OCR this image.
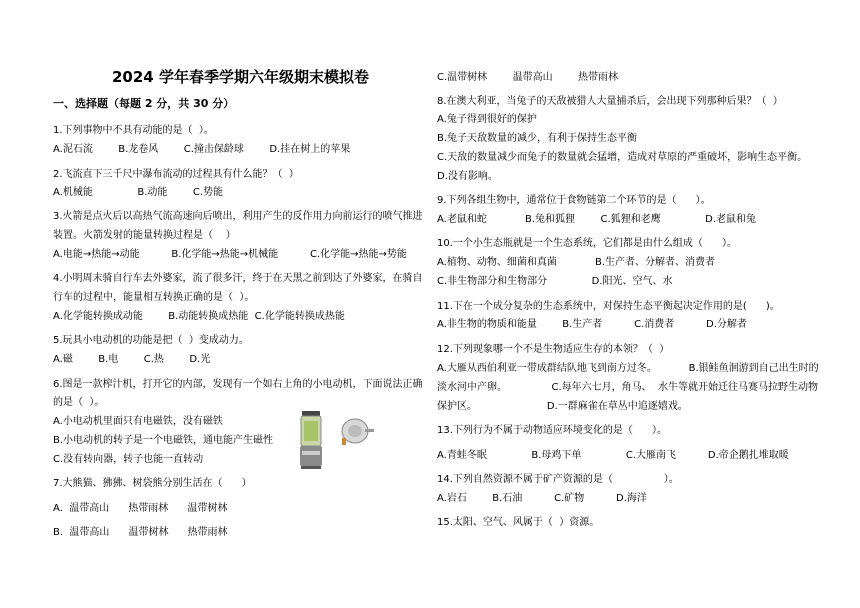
2024 学年春季学期六年级期末模拟卷
一、选择题（每题 2 分，共 30 分）
1.下列事物中不具有动能的是（  ）。
A.泥石流        B.龙卷风        C.撞击保龄球        D.挂在树上的苹果
2.飞流直下三千尺中瀑布流动的过程具有什么能？（  ）
A.机械能              B.动能        C.势能
3.火箭是点火后以高热气流高速向后喷出，利用产生的反作用力向前运行的喷气推进
装置。火箭发射的能量转换过程是（    ）
A.电能→热能→动能          B.化学能→热能→机械能          C.化学能→热能→势能
4.小明周末骑自行车去外婆家，流了很多汗，终于在天黑之前到达了外婆家，在骑自
行车的过程中，能量相互转换正确的是（  ）。
A.化学能转换成动能        B.动能转换成热能  C.化学能转换成热能
5.玩具小电动机的功能是把（  ）变成动力。
A.磁        B.电        C.热        D.光
6.图是一款榨汁机，打开它的内部，发现有一个如右上角的小电动机，下面说法正确
的是（  ）。
A.小电动机里面只有电磁铁，没有磁铁
B.小电动机的转子是一个电磁铁，通电能产生磁性
C.没有转向器，转子也能一直转动
7.大熊猫、狒狒、树袋熊分别生活在（      ）
A.  温带高山      热带雨林      温带树林
B.  温带高山      温带树林      热带雨林
C.温带树林        温带高山        热带雨林
8.在澳大利亚，当兔子的天敌被猎人大量捕杀后，会出现下列那种后果？（  ）
A.兔子得到很好的保护
B.兔子天敌数量的减少，有利于保持生态平衡
C.天敌的数量减少而兔子的数量就会猛增，造成对草原的严重破坏，影响生态平衡。
D.没有影响。
9.下列各组生物中，通常位于食物链第二个环节的是（      ）。
A.老鼠和蛇            B.兔和狐狸        C.狐狸和老鹰              D.老鼠和兔
10.一个小生态瓶就是一个生态系统，它们都是由什么组成（      ）。
A.植物、动物、细菌和真菌            B.生产者、分解者、消费者
C.非生物部分和生物部分              D.阳光、空气、水
11.下在一个成分复杂的生态系统中，对保持生态平衡起决定作用的是(      )。
A.非生物的物质和能量        B.生产者          C.消费者          D.分解者
12.下列现象哪一个不是生物适应生存的本领？（  ）
A.大雁从西伯利亚一带成群结队地飞到南方过冬。          B.银鲑鱼洄游到自己出生时的
淡水河中产卵。              C.每年六七月，角马、  水牛等就开始迁往马赛马拉野生动物
保护区。                      D.一群麻雀在草丛中追逐嬉戏。
13.下列行为不属于动物适应环境变化的是（      ）。
A.青蛙冬眠              B.母鸡下单              C.大雁南飞          D.帝企鹅扎堆取暖
14.下列自然资源不属于矿产资源的是（                ）。
A.岩石        B.石油          C.矿物          D.海洋
15.太阳、空气、风属于（  ）资源。
